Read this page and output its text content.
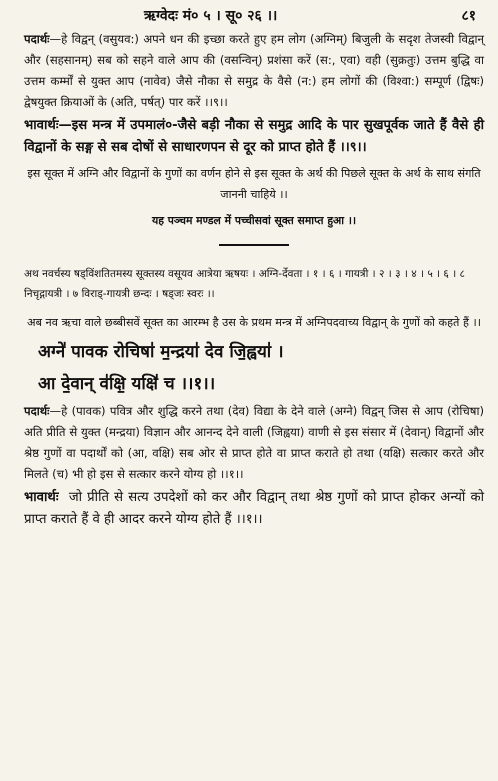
ऋग्वेदः मं० ५ । सू० २६ ।।	८१

पदार्थः—हे विद्वन् (वसुयव:) अपने धन की इच्छा करते हुए हम लोग (अग्निम्) बिजुली के सदृश तेजस्वी विद्वान् और (सहसानम्) सब को सहने वाले आप की (वसन्विन्) प्रशंसा करें (स:, एवा) वही (सुक्रतुः) उत्तम बुद्धि वा उत्तम कर्म्मों से युक्त आप (नावेव) जैसे नौका से समुद्र के वैसे (न:) हम लोगों की (विश्वा:) सम्पूर्ण (द्विषः) द्वेषयुक्त क्रियाओं के (अति, पर्षत्) पार करें ।।९।।

भावार्थः—इस मन्त्र में उपमालं०-जैसे बड़ी नौका से समुद्र आदि के पार सुखपूर्वक जाते हैं वैसे ही विद्वानों के सङ्ग से सब दोषों से साधारणपन से दूर को प्राप्त होते हैं ।।९।।

इस सूक्त में अग्नि और विद्वानों के गुणों का वर्णन होने से इस सूक्त के अर्थ की पिछले सूक्त के अर्थ के साथ संगति जाननी चाहिये ।।

यह पञ्चम मण्डल में पच्चीसवां सूक्त समाप्त हुआ ।।

अथ नवर्चस्य षड्विंशतितमस्य सूक्तस्य वसूयव आत्रेया ऋषयः । अग्नि-र्देवता । १ । ६ । गायत्री । २ । ३ । ४ । ५ । ६ । ८ निचृद्गायत्री । ७ विराड्-गायत्री छन्दः । षड्जः स्वरः ।।

अब नव ऋचा वाले छब्बीसवें सूक्त का आरम्भ है उस के प्रथम मन्त्र में अग्निपदवाच्य विद्वान् के गुणों को कहते हैं ।।

अग्ने॑ पावक रोचिषा॑ म॒न्द्रया॑ देव जि॒ह्वया॑ ।
आ दे॒वान् व॑क्षि॒ यक्षि॑ च ।।१।।

पदार्थः—हे (पावक) पवित्र और शुद्धि करने तथा (देव) विद्या के देने वाले (अग्ने) विद्वन् जिस से आप (रोचिषा) अति प्रीति से युक्त (मन्द्रया) विज्ञान और आनन्द देने वाली (जिह्वया) वाणी से इस संसार में (देवान्) विद्वानों और श्रेष्ठ गुणों वा पदार्थों को (आ, वक्षि) सब ओर से प्राप्त होते वा प्राप्त कराते हो तथा (यक्षि) सत्कार करते और मिलते (च) भी हो इस से सत्कार करने योग्य हो ।।१।।

भावार्थः जो प्रीति से सत्य उपदेशों को कर और विद्वान् तथा श्रेष्ठ गुणों को प्राप्त होकर अन्यों को प्राप्त कराते हैं वे ही आदर करने योग्य होते हैं ।।१।।
